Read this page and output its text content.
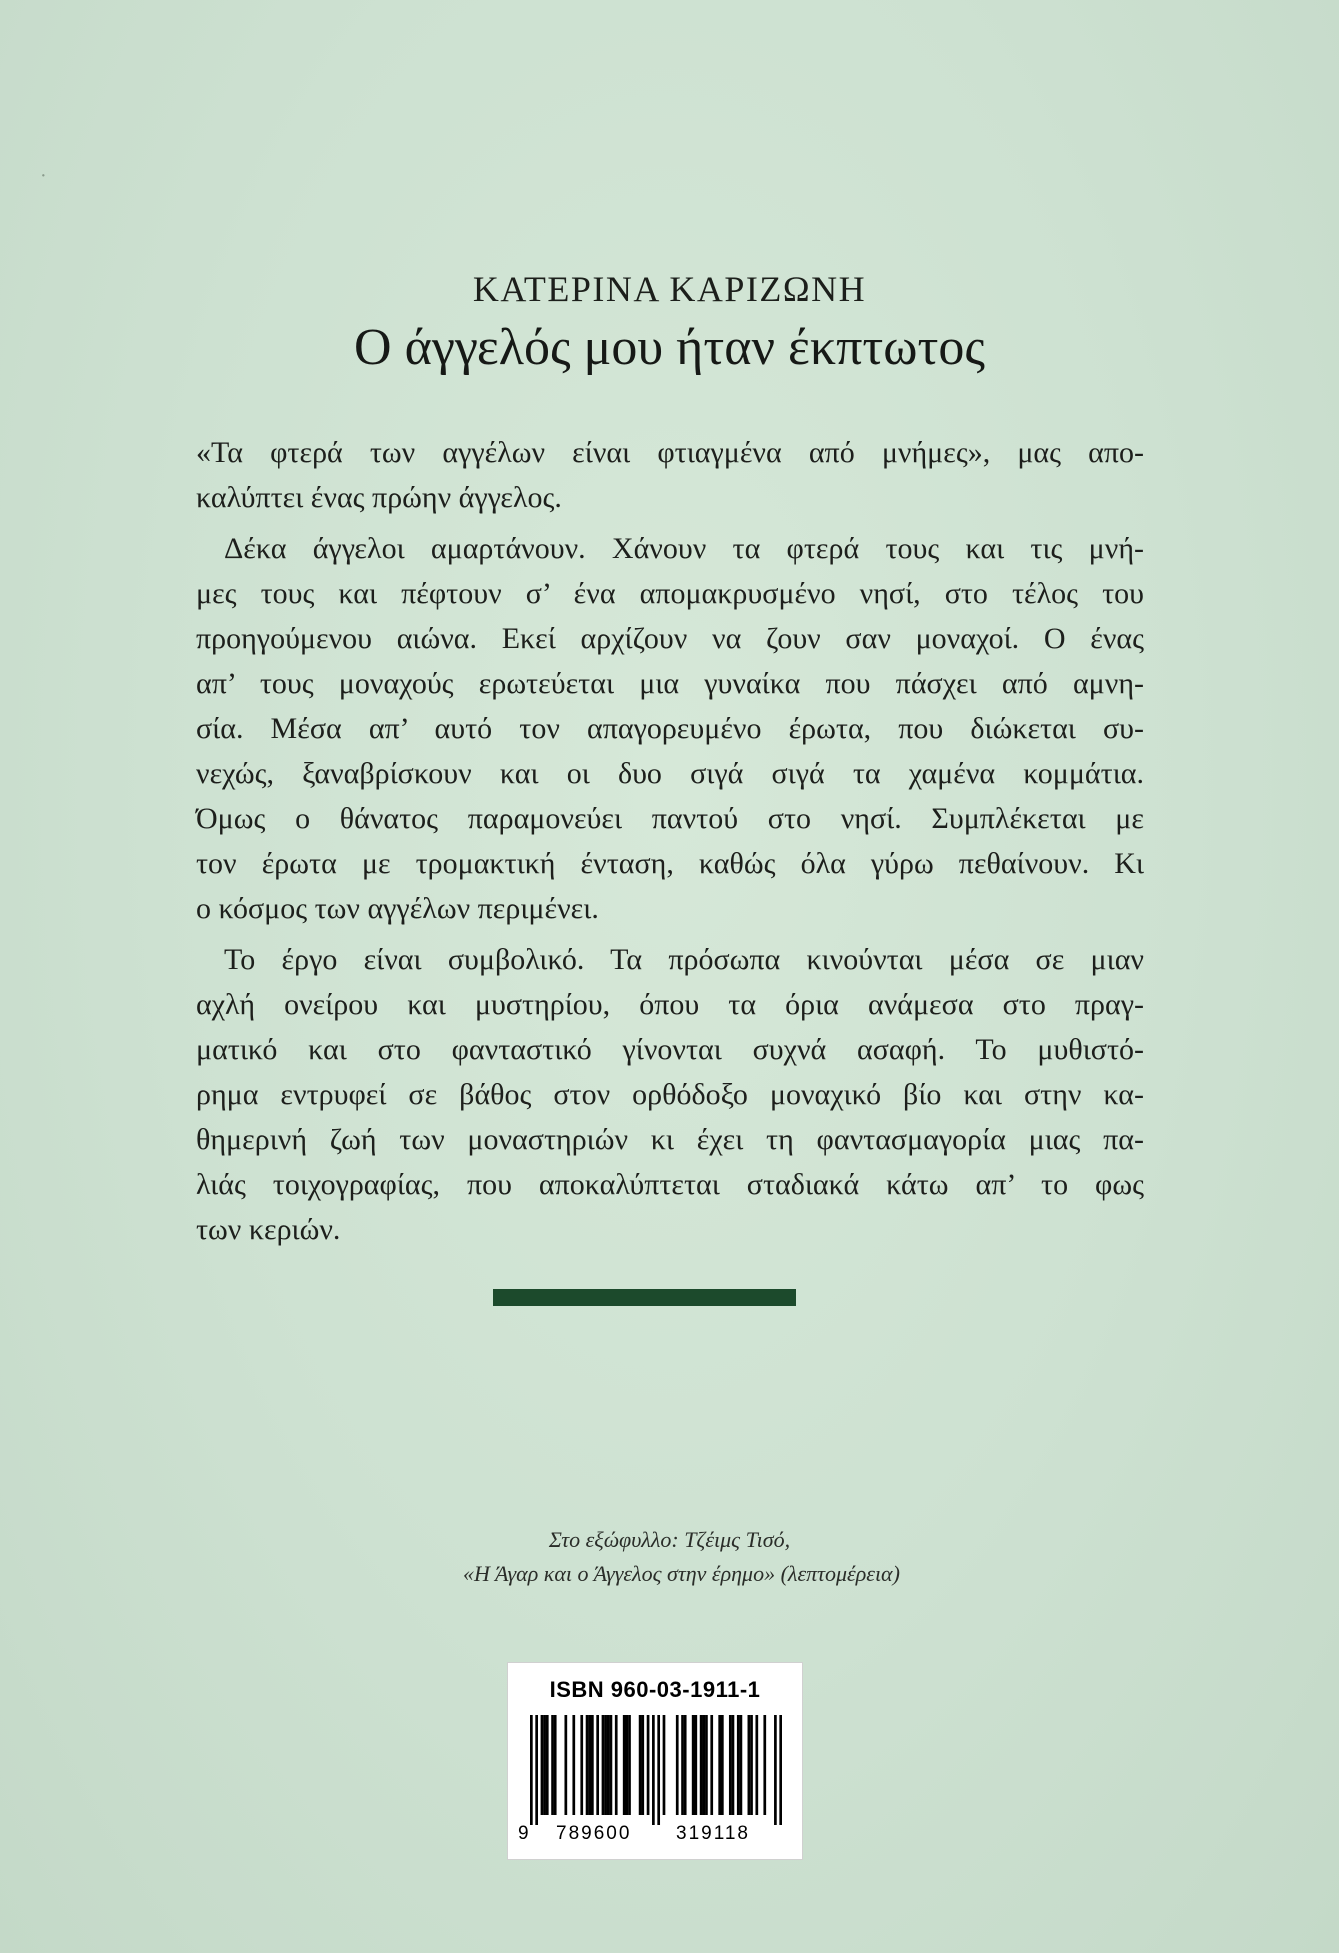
ΚΑΤΕΡΙΝΑ ΚΑΡΙΖΩΝΗ
Ο άγγελός μου ήταν έκπτωτος
«Τα φτερά των αγγέλων είναι φτιαγμένα από μνήμες», μας απο-
καλύπτει ένας πρώην άγγελος.
Δέκα άγγελοι αμαρτάνουν. Χάνουν τα φτερά τους και τις μνή-
μες τους και πέφτουν σ’ ένα απομακρυσμένο νησί, στο τέλος του
προηγούμενου αιώνα. Εκεί αρχίζουν να ζουν σαν μοναχοί. Ο ένας
απ’ τους μοναχούς ερωτεύεται μια γυναίκα που πάσχει από αμνη-
σία. Μέσα απ’ αυτό τον απαγορευμένο έρωτα, που διώκεται συ-
νεχώς, ξαναβρίσκουν και οι δυο σιγά σιγά τα χαμένα κομμάτια.
Όμως ο θάνατος παραμονεύει παντού στο νησί. Συμπλέκεται με
τον έρωτα με τρομακτική ένταση, καθώς όλα γύρω πεθαίνουν. Κι
ο κόσμος των αγγέλων περιμένει.
Το έργο είναι συμβολικό. Τα πρόσωπα κινούνται μέσα σε μιαν
αχλή ονείρου και μυστηρίου, όπου τα όρια ανάμεσα στο πραγ-
ματικό και στο φανταστικό γίνονται συχνά ασαφή. Το μυθιστό-
ρημα εντρυφεί σε βάθος στον ορθόδοξο μοναχικό βίο και στην κα-
θημερινή ζωή των μοναστηριών κι έχει τη φαντασμαγορία μιας πα-
λιάς τοιχογραφίας, που αποκαλύπτεται σταδιακά κάτω απ’ το φως
των κεριών.
Στο εξώφυλλο: Τζέιμς Τισό,
«Η Άγαρ και ο Άγγελος στην έρημο» (λεπτομέρεια)
ISBN 960-03-1911-1
9 789600 319118
·
